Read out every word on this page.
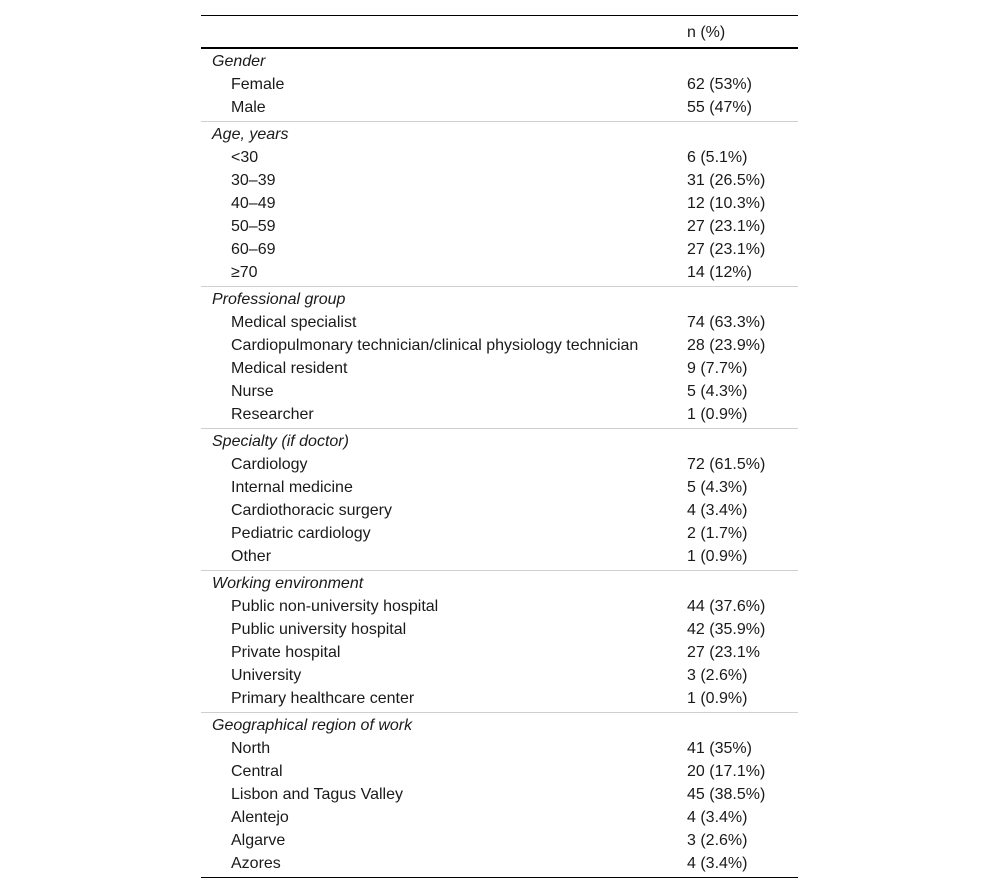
n (%)
Gender
Female	62 (53%)
Male	55 (47%)
Age, years
<30	6 (5.1%)
30–39	31 (26.5%)
40–49	12 (10.3%)
50–59	27 (23.1%)
60–69	27 (23.1%)
≥70	14 (12%)
Professional group
Medical specialist	74 (63.3%)
Cardiopulmonary technician/clinical physiology technician	28 (23.9%)
Medical resident	9 (7.7%)
Nurse	5 (4.3%)
Researcher	1 (0.9%)
Specialty (if doctor)
Cardiology	72 (61.5%)
Internal medicine	5 (4.3%)
Cardiothoracic surgery	4 (3.4%)
Pediatric cardiology	2 (1.7%)
Other	1 (0.9%)
Working environment
Public non-university hospital	44 (37.6%)
Public university hospital	42 (35.9%)
Private hospital	27 (23.1%
University	3 (2.6%)
Primary healthcare center	1 (0.9%)
Geographical region of work
North	41 (35%)
Central	20 (17.1%)
Lisbon and Tagus Valley	45 (38.5%)
Alentejo	4 (3.4%)
Algarve	3 (2.6%)
Azores	4 (3.4%)
